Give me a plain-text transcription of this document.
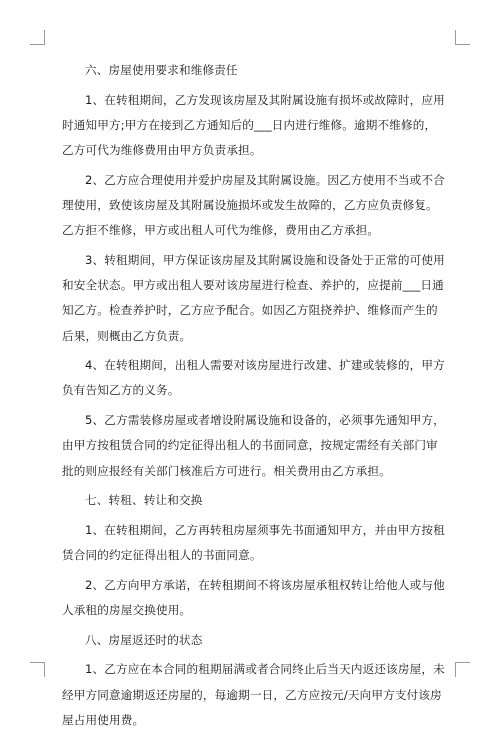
六、房屋使用要求和维修责任

1、在转租期间，乙方发现该房屋及其附属设施有损坏或故障时，应用时通知甲方;甲方在接到乙方通知后的___日内进行维修。逾期不维修的，乙方可代为维修费用由甲方负责承担。

2、乙方应合理使用并爱护房屋及其附属设施。因乙方使用不当或不合理使用，致使该房屋及其附属设施损坏或发生故障的，乙方应负责修复。乙方拒不维修，甲方或出租人可代为维修，费用由乙方承担。

3、转租期间，甲方保证该房屋及其附属设施和设备处于正常的可使用和安全状态。甲方或出租人要对该房屋进行检查、养护的，应提前___日通知乙方。检查养护时，乙方应予配合。如因乙方阻挠养护、维修而产生的后果，则概由乙方负责。

4、在转租期间，出租人需要对该房屋进行改建、扩建或装修的，甲方负有告知乙方的义务。

5、乙方需装修房屋或者增设附属设施和设备的，必须事先通知甲方，由甲方按租赁合同的约定征得出租人的书面同意，按规定需经有关部门审批的则应报经有关部门核准后方可进行。相关费用由乙方承担。

七、转租、转让和交换

1、在转租期间，乙方再转租房屋须事先书面通知甲方，并由甲方按租赁合同的约定征得出租人的书面同意。

2、乙方向甲方承诺，在转租期间不将该房屋承租权转让给他人或与他人承租的房屋交换使用。

八、房屋返还时的状态

1、乙方应在本合同的租期届满或者合同终止后当天内返还该房屋，未经甲方同意逾期返还房屋的，每逾期一日，乙方应按元/天向甲方支付该房屋占用使用费。
